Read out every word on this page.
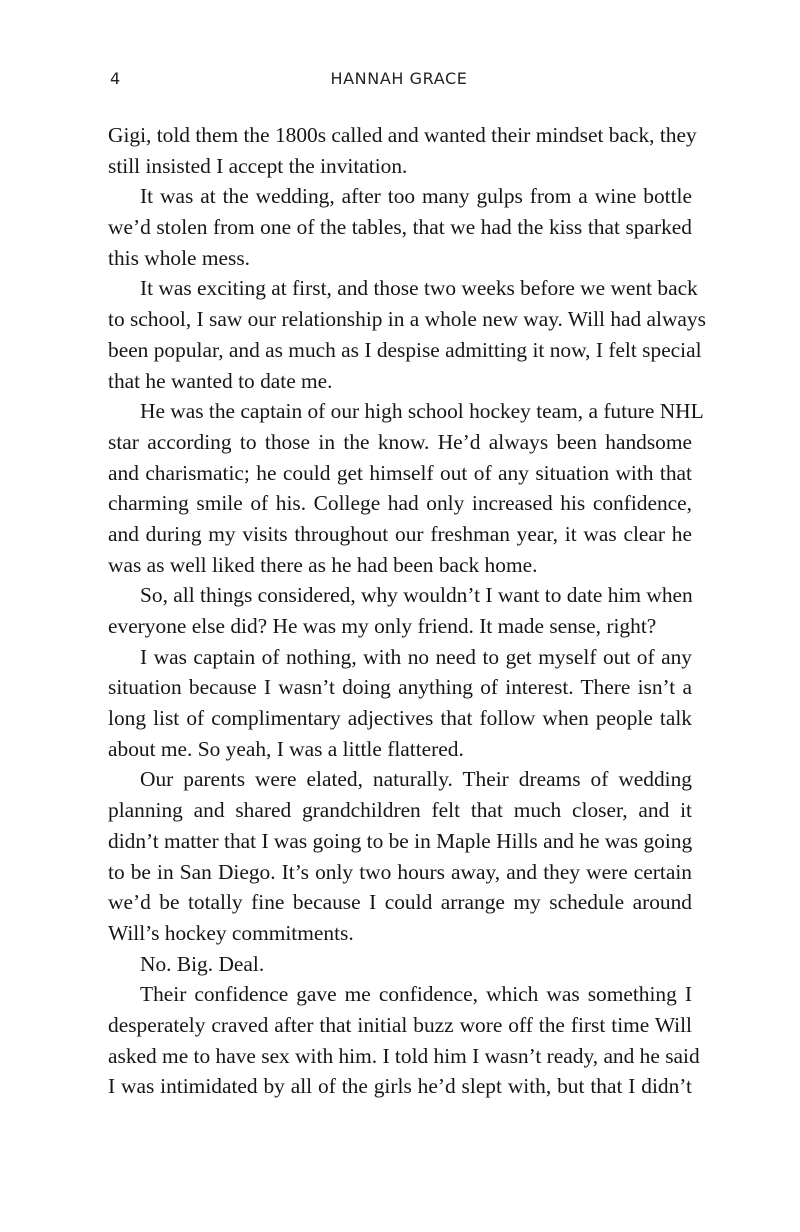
4	HANNAH GRACE
Gigi, told them the 1800s called and wanted their mindset back, they
still insisted I accept the invitation.
It was at the wedding, after too many gulps from a wine bottle
we’d stolen from one of the tables, that we had the kiss that sparked
this whole mess.
It was exciting at first, and those two weeks before we went back
to school, I saw our relationship in a whole new way. Will had always
been popular, and as much as I despise admitting it now, I felt special
that he wanted to date me.
He was the captain of our high school hockey team, a future NHL
star according to those in the know. He’d always been handsome
and charismatic; he could get himself out of any situation with that
charming smile of his. College had only increased his confidence,
and during my visits throughout our freshman year, it was clear he
was as well liked there as he had been back home.
So, all things considered, why wouldn’t I want to date him when
everyone else did? He was my only friend. It made sense, right?
I was captain of nothing, with no need to get myself out of any
situation because I wasn’t doing anything of interest. There isn’t a
long list of complimentary adjectives that follow when people talk
about me. So yeah, I was a little flattered.
Our parents were elated, naturally. Their dreams of wedding
planning and shared grandchildren felt that much closer, and it
didn’t matter that I was going to be in Maple Hills and he was going
to be in San Diego. It’s only two hours away, and they were certain
we’d be totally fine because I could arrange my schedule around
Will’s hockey commitments.
No. Big. Deal.
Their confidence gave me confidence, which was something I
desperately craved after that initial buzz wore off the first time Will
asked me to have sex with him. I told him I wasn’t ready, and he said
I was intimidated by all of the girls he’d slept with, but that I didn’t
